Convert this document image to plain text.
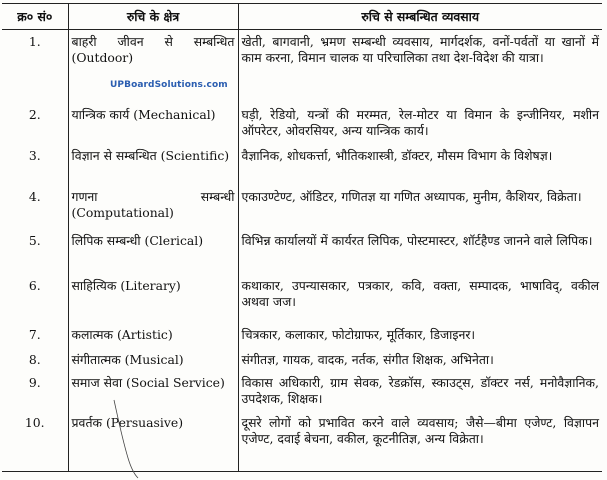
क्र० सं०	रुचि के क्षेत्र	रुचि से सम्बन्धित व्यवसाय
1.	बाहरी जीवन से सम्बन्धित (Outdoor)	खेती, बागवानी, भ्रमण सम्बन्धी व्यवसाय, मार्गदर्शक, वनों-पर्वतों या खानों में काम करना, विमान चालक या परिचालिका तथा देश-विदेश की यात्रा।
2.	यान्त्रिक कार्य (Mechanical)	घड़ी, रेडियो, यन्त्रों की मरम्मत, रेल-मोटर या विमान के इन्जीनियर, मशीन ऑपरेटर, ओवरसियर, अन्य यान्त्रिक कार्य।
3.	विज्ञान से सम्बन्धित (Scientific)	वैज्ञानिक, शोधकर्त्ता, भौतिकशास्त्री, डॉक्टर, मौसम विभाग के विशेषज्ञ।
4.	गणना सम्बन्धी (Computational)	एकाउण्टेण्ट, ऑडिटर, गणितज्ञ या गणित अध्यापक, मुनीम, कैशियर, विक्रेता।
5.	लिपिक सम्बन्धी (Clerical)	विभिन्न कार्यालयों में कार्यरत लिपिक, पोस्टमास्टर, शॉर्टहैण्ड जानने वाले लिपिक।
6.	साहित्यिक (Literary)	कथाकार, उपन्यासकार, पत्रकार, कवि, वक्ता, सम्पादक, भाषाविद्, वकील अथवा जज।
7.	कलात्मक (Artistic)	चित्रकार, कलाकार, फोटोग्राफर, मूर्तिकार, डिजाइनर।
8.	संगीतात्मक (Musical)	संगीतज्ञ, गायक, वादक, नर्तक, संगीत शिक्षक, अभिनेता।
9.	समाज सेवा (Social Service)	विकास अधिकारी, ग्राम सेवक, रेडक्रॉस, स्काउट्स, डॉक्टर नर्स, मनोवैज्ञानिक, उपदेशक, शिक्षक।
10.	प्रवर्तक (Persuasive)	दूसरे लोगों को प्रभावित करने वाले व्यवसाय; जैसे—बीमा एजेण्ट, विज्ञापन एजेण्ट, दवाई बेचना, वकील, कूटनीतिज्ञ, अन्य विक्रेता।
UPBoardSolutions.com
